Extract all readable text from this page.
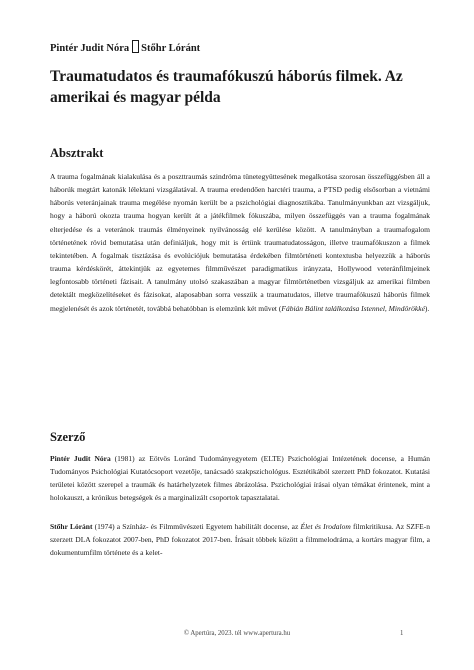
Pintér Judit Nóra Stőhr Lóránt
Traumatudatos és traumafókuszú háborús filmek. Az amerikai és magyar példa
Absztrakt
A trauma fogalmának kialakulása és a poszttraumás szindróma tünetegyüttesének megalkotása szorosan összefüggésben áll a háborúk megtárt katonák lélektani vizsgálatával. A trauma eredendően harctéri trauma, a PTSD pedig elsősorban a vietnámi háborús veteránjainak trauma megélése nyomán került be a pszichológiai diagnosztikába. Tanulmányunkban azt vizsgáljuk, hogy a háború okozta trauma hogyan került át a játékfilmek fókuszába, milyen összefüggés van a trauma fogalmának elterjedése és a veteránok traumás élményeinek nyilvánosság elé kerülése között. A tanulmányban a traumafogalom történetének rövid bemutatása után definiáljuk, hogy mit is értünk traumatudatosságon, illetve traumafókuszon a filmek tekintetében. A fogalmak tisztázása és evolúciójuk bemutatása érdekében filmtörténeti kontextusba helyezzük a háborús trauma kérdéskörét, áttekintjük az egyetemes filmművészet paradigmatikus irányzata, Hollywood veteránfilmjeinek legfontosabb történeti fázisait. A tanulmány utolsó szakaszában a magyar filmtörténetben vizsgáljuk az amerikai filmben detektált megközelítéseket és fázisokat, alaposabban sorra vesszük a traumatudatos, illetve traumafókuszú háborús filmek megjelenését és azok történetét, továbbá behatóbban is elemzünk két művet (Fábián Bálint találkozása Istennel, Mindörökké).
Szerző
Pintér Judit Nóra (1981) az Eötvös Loránd Tudományegyetem (ELTE) Pszichológiai Intézetének docense, a Humán Tudományos Psichológiai Kutatócsoport vezetője, tanácsadó szakpszichológus. Esztétikából szerzett PhD fokozatot. Kutatási területei között szerepel a traumák és határhelyzetek filmes ábrázolása. Pszichológiai írásai olyan témákat érintenek, mint a holokauszt, a krónikus betegségek és a marginalizált csoportok tapasztalatai.
Stőhr Lóránt (1974) a Színház- és Filmművészeti Egyetem habilitált docense, az Élet és Irodalom filmkritikusa. Az SZFE-n szerzett DLA fokozatot 2007-ben, PhD fokozatot 2017-ben. Írásait többek között a filmmelodráma, a kortárs magyar film, a dokumentumfilm története és a kelet-
© Apertúra, 2023. tél www.apertura.hu	1
